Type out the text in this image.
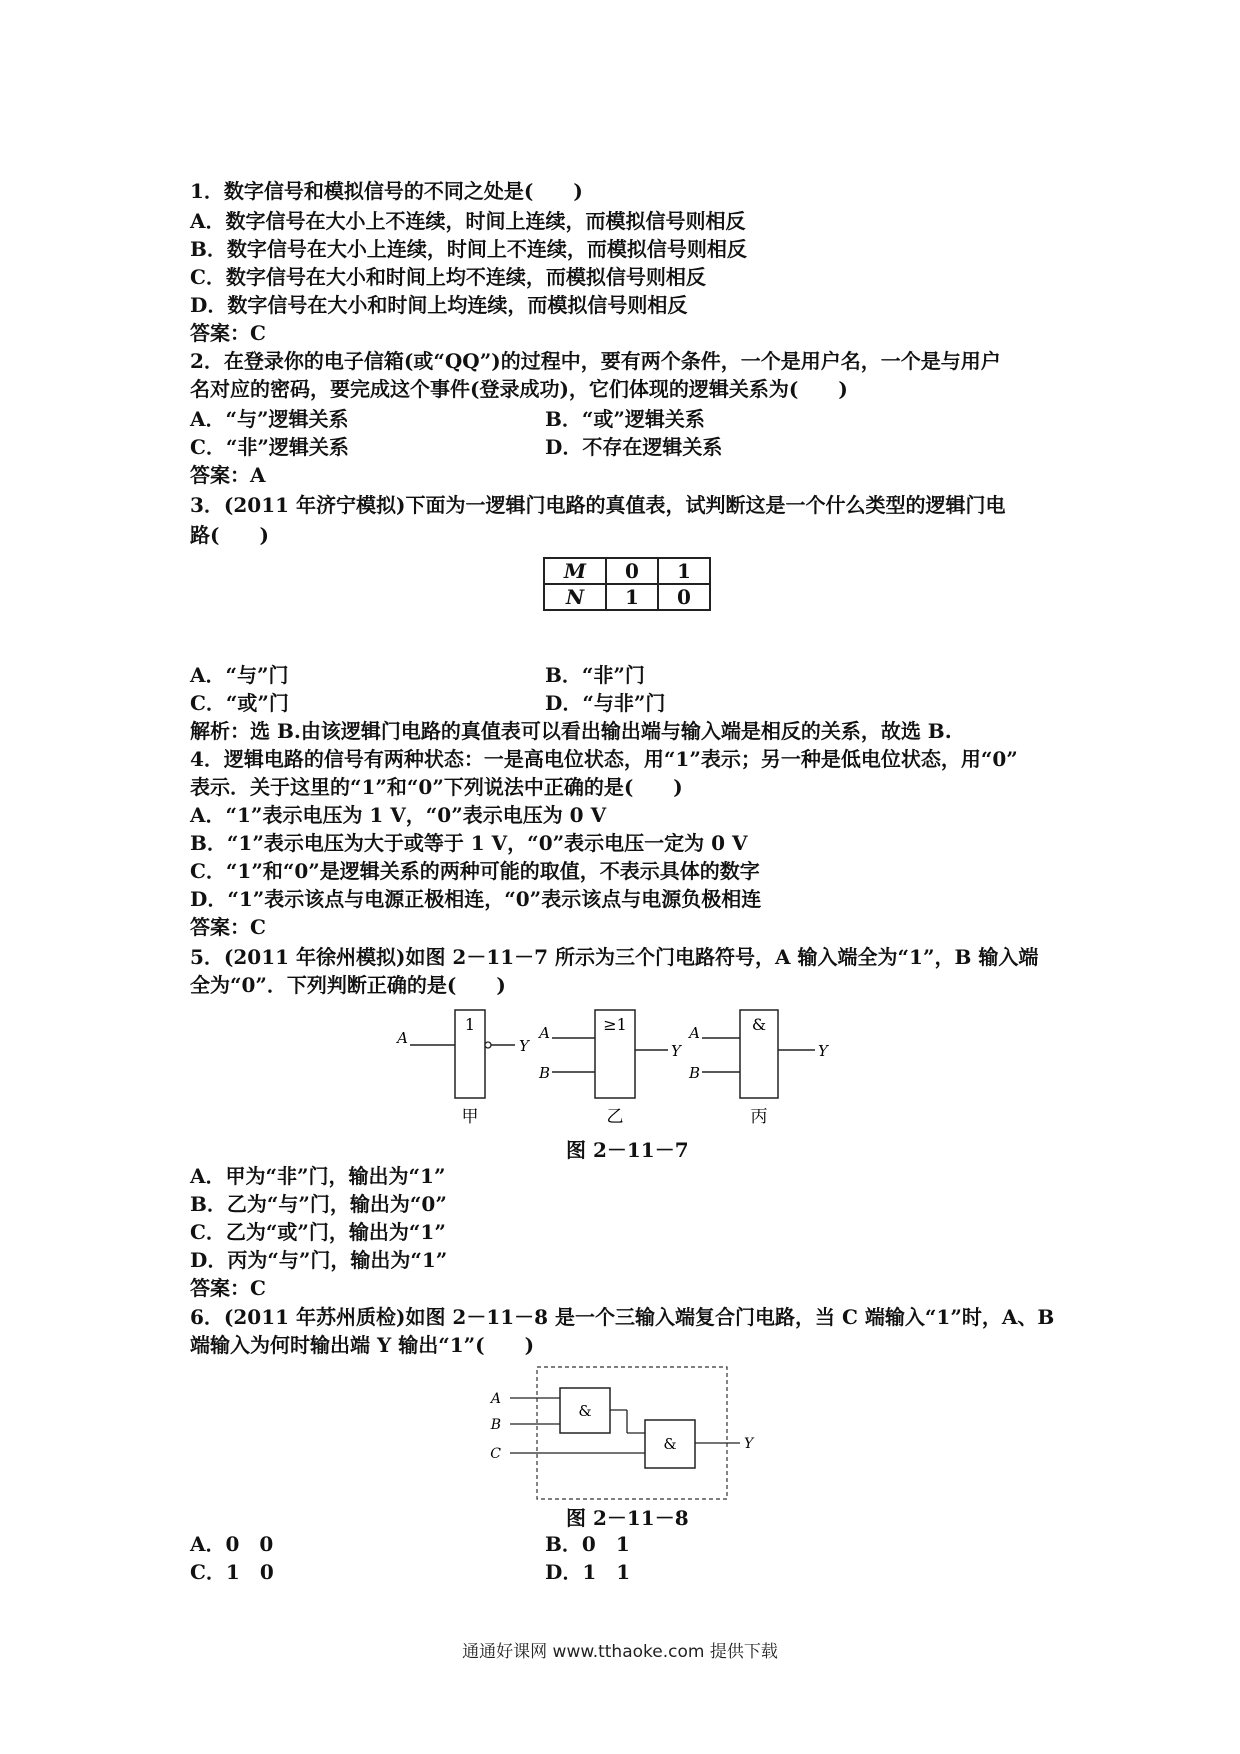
1．数字信号和模拟信号的不同之处是(　　)
A．数字信号在大小上不连续，时间上连续，而模拟信号则相反
B．数字信号在大小上连续，时间上不连续，而模拟信号则相反
C．数字信号在大小和时间上均不连续，而模拟信号则相反
D．数字信号在大小和时间上均连续，而模拟信号则相反
答案：C
2．在登录你的电子信箱(或“QQ”)的过程中，要有两个条件，一个是用户名，一个是与用户
名对应的密码，要完成这个事件(登录成功)，它们体现的逻辑关系为(　　)
A．“与”逻辑关系	B．“或”逻辑关系
C．“非”逻辑关系	D．不存在逻辑关系
答案：A
3．(2011 年济宁模拟)下面为一逻辑门电路的真值表，试判断这是一个什么类型的逻辑门电
路(　　)
M	0	1
N	1	0
A．“与”门	B．“非”门
C．“或”门	D．“与非”门
解析：选 B.由该逻辑门电路的真值表可以看出输出端与输入端是相反的关系，故选 B.
4．逻辑电路的信号有两种状态：一是高电位状态，用“1”表示；另一种是低电位状态，用“0”
表示．关于这里的“1”和“0”下列说法中正确的是(　　)
A．“1”表示电压为 1 V，“0”表示电压为 0 V
B．“1”表示电压为大于或等于 1 V，“0”表示电压一定为 0 V
C．“1”和“0”是逻辑关系的两种可能的取值，不表示具体的数字
D．“1”表示该点与电源正极相连，“0”表示该点与电源负极相连
答案：C
5．(2011 年徐州模拟)如图 2－11－7 所示为三个门电路符号，A 输入端全为“1”，B 输入端
全为“0”．下列判断正确的是(　　)
1
A	Y
甲
≥1
A
B
Y
乙
&
A
B
Y
丙
图 2－11－7
A．甲为“非”门，输出为“1”
B．乙为“与”门，输出为“0”
C．乙为“或”门，输出为“1”
D．丙为“与”门，输出为“1”
答案：C
6．(2011 年苏州质检)如图 2－11－8 是一个三输入端复合门电路，当 C 端输入“1”时，A、B
端输入为何时输出端 Y 输出“1”(　　)
&
&
A
B
C
Y
图 2－11－8
A．0　0	B．0　1
C．1　0	D．1　1
通通好课网 www.tthaoke.com 提供下载
